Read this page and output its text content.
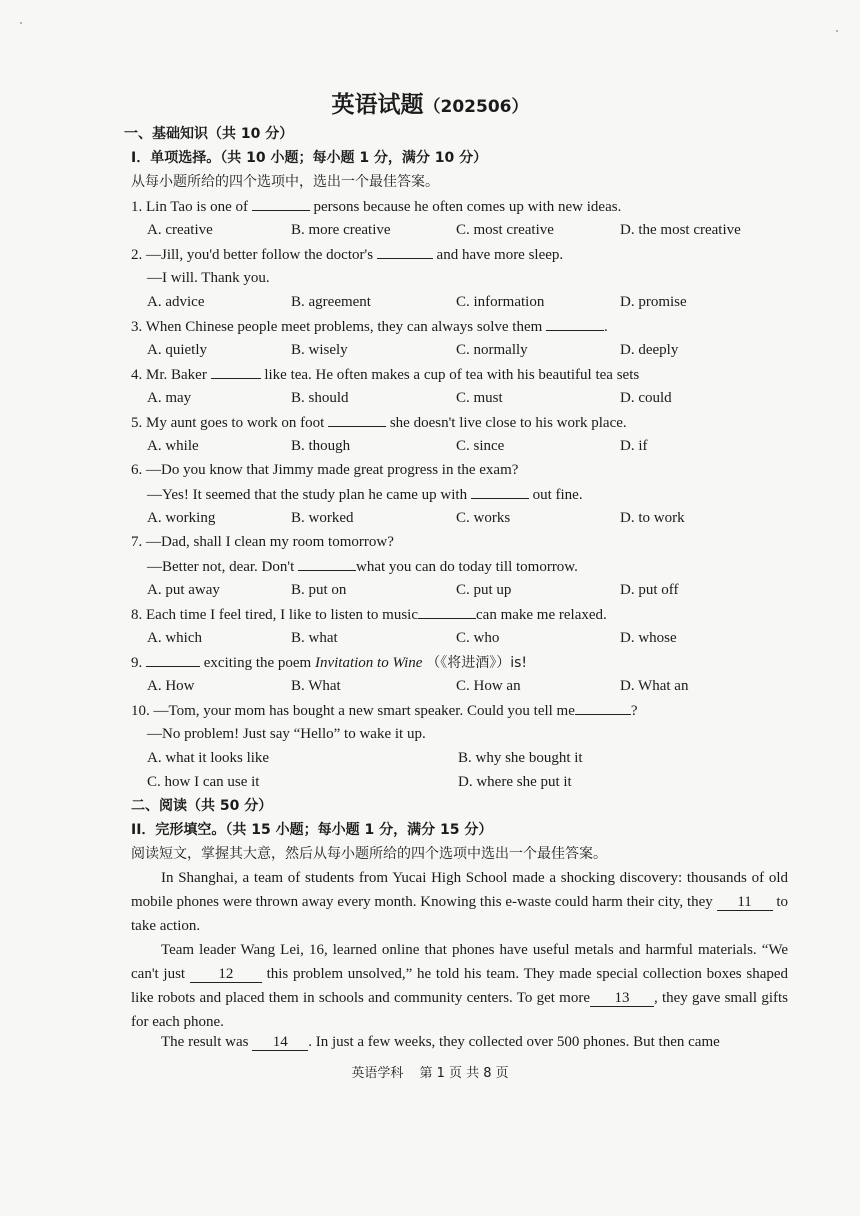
英语试题（202506）
一、基础知识（共 10 分）
I．单项选择。（共 10 小题；每小题 1 分，满分 10 分）
从每小题所给的四个选项中，选出一个最佳答案。
1. Lin Tao is one of	persons because he often comes up with new ideas.
A. creative	B. more creative	C. most creative	D. the most creative
2. —Jill, you'd better follow the doctor's	and have more sleep.
—I will. Thank you.
A. advice	B. agreement	C. information	D. promise
3. When Chinese people meet problems, they can always solve them	.
A. quietly	B. wisely	C. normally	D. deeply
4. Mr. Baker	like tea. He often makes a cup of tea with his beautiful tea sets
A. may	B. should	C. must	D. could
5. My aunt goes to work on foot	she doesn't live close to his work place.
A. while	B. though	C. since	D. if
6. —Do you know that Jimmy made great progress in the exam?
—Yes! It seemed that the study plan he came up with	out fine.
A. working	B. worked	C. works	D. to work
7. —Dad, shall I clean my room tomorrow?
—Better not, dear. Don't	what you can do today till tomorrow.
A. put away	B. put on	C. put up	D. put off
8. Each time I feel tired, I like to listen to music	can make me relaxed.
A. which	B. what	C. who	D. whose
9.	exciting the poem Invitation to Wine （《将进酒》）is!
A. How	B. What	C. How an	D. What an
10. —Tom, your mom has bought a new smart speaker. Could you tell me	?
—No problem! Just say “Hello” to wake it up.
A. what it looks like	B. why she bought it
C. how I can use it	D. where she put it
二、阅读（共 50 分）
II．完形填空。（共 15 小题；每小题 1 分，满分 15 分）
阅读短文，掌握其大意，然后从每小题所给的四个选项中选出一个最佳答案。
In Shanghai, a team of students from Yucai High School made a shocking discovery: thousands of old mobile phones were thrown away every month. Knowing this e-waste could harm their city, they 11 to take action.
Team leader Wang Lei, 16, learned online that phones have useful metals and harmful materials. “We can't just 12 this problem unsolved,” he told his team. They made special collection boxes shaped like robots and placed them in schools and community centers. To get more 13 , they gave small gifts for each phone.
The result was 14 . In just a few weeks, they collected over 500 phones. But then came
英语学科 第 1 页 共 8 页
